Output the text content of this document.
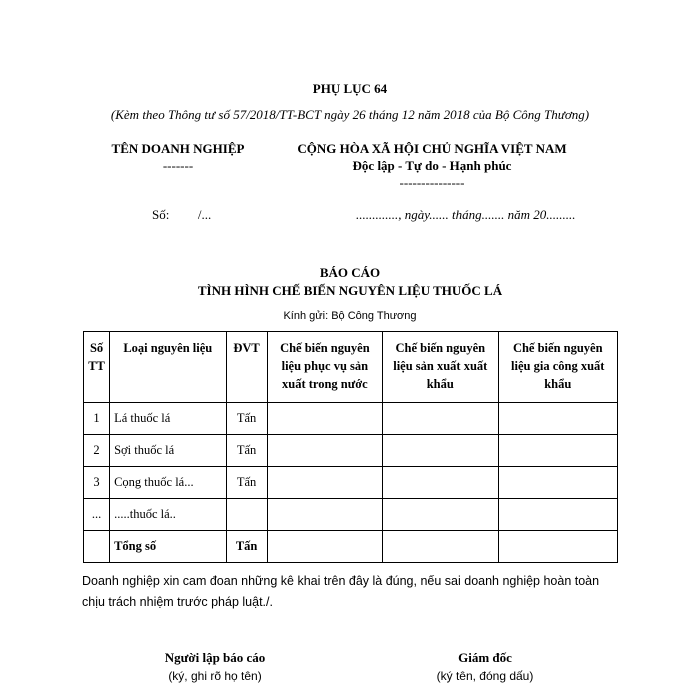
PHỤ LỤC 64
(Kèm theo Thông tư số 57/2018/TT-BCT ngày 26 tháng 12 năm 2018 của Bộ Công Thương)
TÊN DOANH NGHIỆP
-------
CỘNG HÒA XÃ HỘI CHỦ NGHĨA VIỆT NAM
Độc lập - Tự do - Hạnh phúc
---------------
Số: /...	............., ngày...... tháng....... năm 20.........
BÁO CÁO
TÌNH HÌNH CHẾ BIẾN NGUYÊN LIỆU THUỐC LÁ
Kính gửi: Bộ Công Thương
Số TT	Loại nguyên liệu	ĐVT	Chế biến nguyên liệu phục vụ sản xuất trong nước	Chế biến nguyên liệu sản xuất xuất khẩu	Chế biến nguyên liệu gia công xuất khẩu
1	Lá thuốc lá	Tấn			
2	Sợi thuốc lá	Tấn			
3	Cọng thuốc lá...	Tấn			
...	.....thuốc lá..				
	Tổng số	Tấn			
Doanh nghiệp xin cam đoan những kê khai trên đây là đúng, nếu sai doanh nghiệp hoàn toàn chịu trách nhiệm trước pháp luật./.
Người lập báo cáo
(ký, ghi rõ họ tên)
Giám đốc
(ký tên, đóng dấu)
